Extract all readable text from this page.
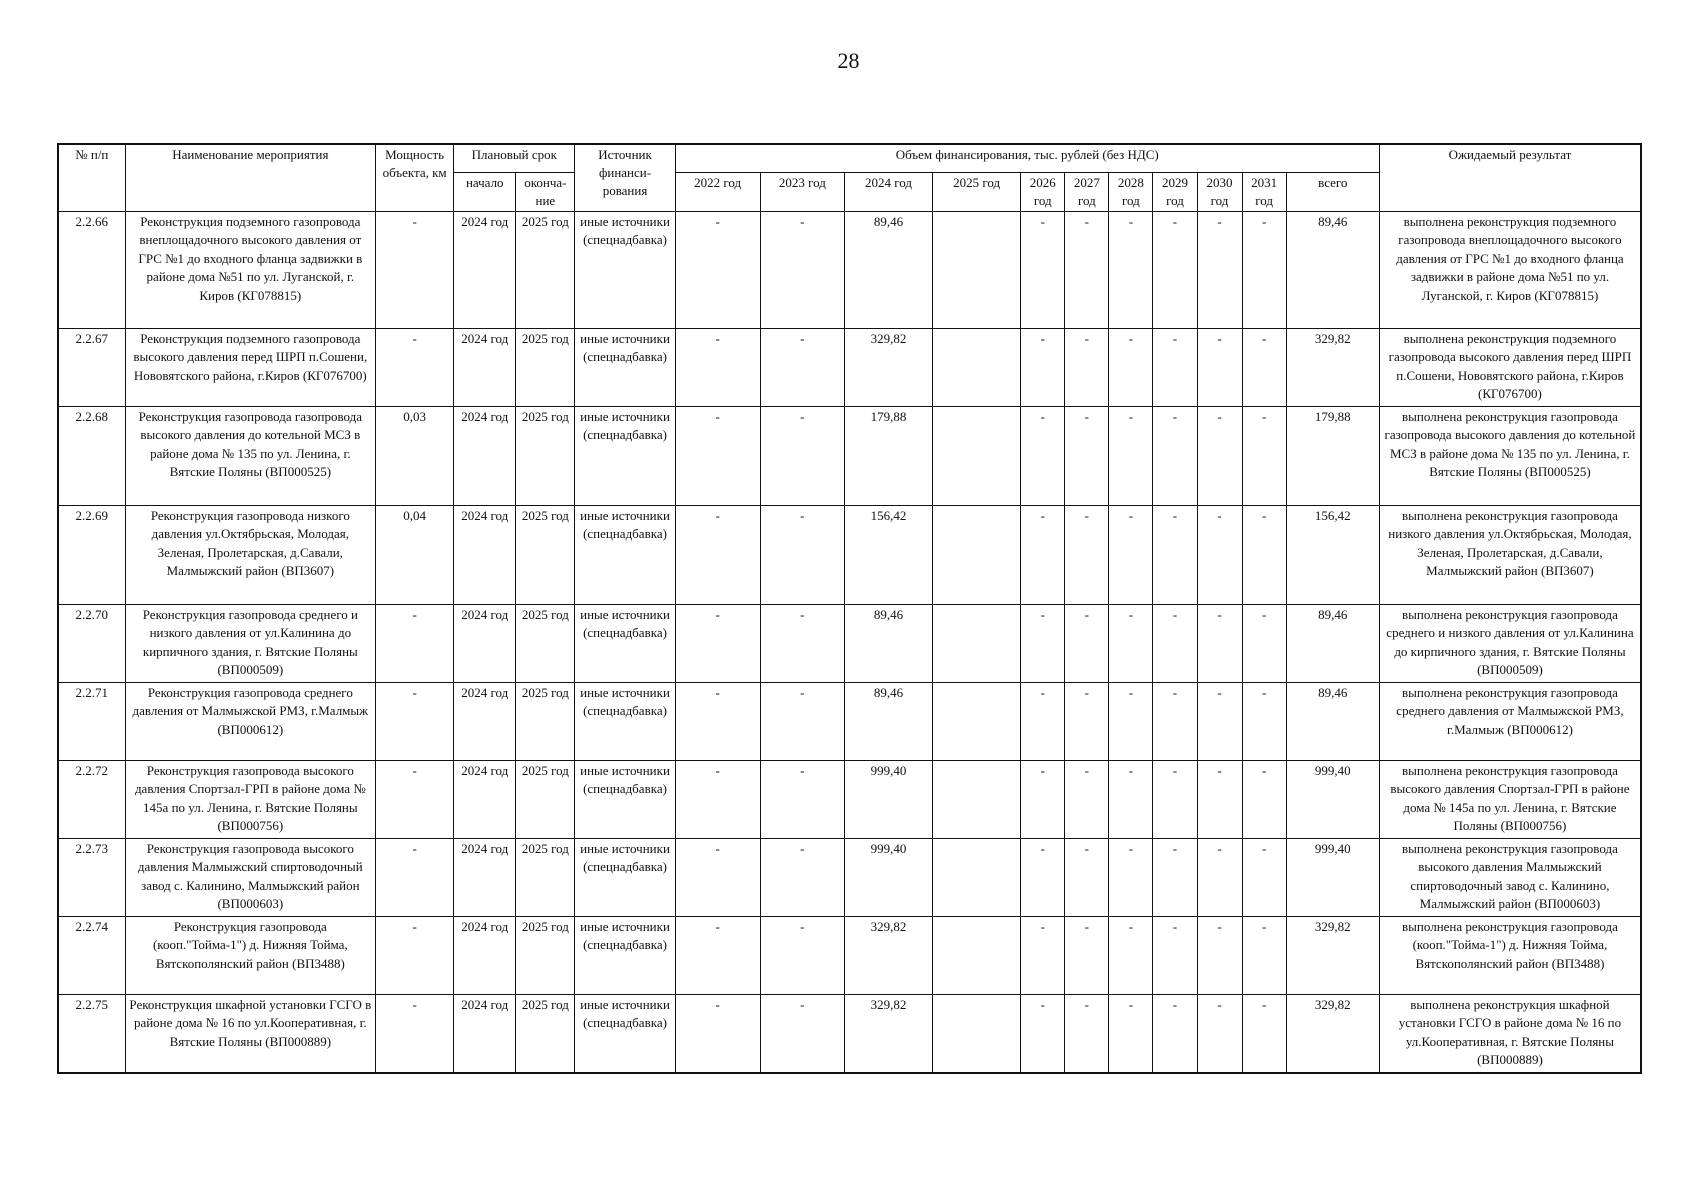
28
№ п/п	Наименование мероприятия	Мощность объекта, км	Плановый срок		Источник финанси-рования	Объем финансирования, тыс. рублей (без НДС)											Ожидаемый результат
			начало	оконча-ние		2022 год	2023 год	2024 год	2025 год	2026 год	2027 год	2028 год	2029 год	2030 год	2031 год	всего	
2.2.66	Реконструкция подземного газопровода внеплощадочного высокого давления от ГРС №1 до входного фланца задвижки в районе дома №51 по ул. Луганской, г. Киров (КГ078815)	-	2024 год	2025 год	иные источники (спецнадбавка)	-	-	89,46		-	-	-	-	-	-	89,46	выполнена реконструкция подземного газопровода внеплощадочного высокого давления от ГРС №1 до входного фланца задвижки в районе дома №51 по ул. Луганской, г. Киров (КГ078815)
2.2.67	Реконструкция подземного газопровода высокого давления перед ШРП п.Сошени, Нововятского района, г.Киров (КГ076700)	-	2024 год	2025 год	иные источники (спецнадбавка)	-	-	329,82		-	-	-	-	-	-	329,82	выполнена реконструкция подземного газопровода высокого давления перед ШРП п.Сошени, Нововятского района, г.Киров (КГ076700)
2.2.68	Реконструкция газопровода газопровода высокого давления до котельной МСЗ в районе дома № 135 по ул. Ленина, г. Вятские Поляны (ВП000525)	0,03	2024 год	2025 год	иные источники (спецнадбавка)	-	-	179,88		-	-	-	-	-	-	179,88	выполнена реконструкция газопровода газопровода высокого давления до котельной МСЗ в районе дома № 135 по ул. Ленина, г. Вятские Поляны (ВП000525)
2.2.69	Реконструкция газопровода низкого давления ул.Октябрьская, Молодая, Зеленая, Пролетарская, д.Савали, Малмыжский район (ВП3607)	0,04	2024 год	2025 год	иные источники (спецнадбавка)	-	-	156,42		-	-	-	-	-	-	156,42	выполнена реконструкция газопровода низкого давления ул.Октябрьская, Молодая, Зеленая, Пролетарская, д.Савали, Малмыжский район (ВП3607)
2.2.70	Реконструкция газопровода среднего и низкого давления от ул.Калинина до кирпичного здания, г. Вятские Поляны (ВП000509)	-	2024 год	2025 год	иные источники (спецнадбавка)	-	-	89,46		-	-	-	-	-	-	89,46	выполнена реконструкция газопровода среднего и низкого давления от ул.Калинина до кирпичного здания, г. Вятские Поляны (ВП000509)
2.2.71	Реконструкция газопровода среднего давления от Малмыжской РМЗ, г.Малмыж (ВП000612)	-	2024 год	2025 год	иные источники (спецнадбавка)	-	-	89,46		-	-	-	-	-	-	89,46	выполнена реконструкция газопровода среднего давления от Малмыжской РМЗ, г.Малмыж (ВП000612)
2.2.72	Реконструкция газопровода высокого давления Спортзал-ГРП в районе дома № 145а по ул. Ленина, г. Вятские Поляны (ВП000756)	-	2024 год	2025 год	иные источники (спецнадбавка)	-	-	999,40		-	-	-	-	-	-	999,40	выполнена реконструкция газопровода высокого давления Спортзал-ГРП в районе дома № 145а по ул. Ленина, г. Вятские Поляны (ВП000756)
2.2.73	Реконструкция газопровода высокого давления Малмыжский спиртоводочный завод с. Калинино, Малмыжский район (ВП000603)	-	2024 год	2025 год	иные источники (спецнадбавка)	-	-	999,40		-	-	-	-	-	-	999,40	выполнена реконструкция газопровода высокого давления Малмыжский спиртоводочный завод с. Калинино, Малмыжский район (ВП000603)
2.2.74	Реконструкция газопровода (кооп."Тойма-1") д. Нижняя Тойма, Вятскополянский район (ВП3488)	-	2024 год	2025 год	иные источники (спецнадбавка)	-	-	329,82		-	-	-	-	-	-	329,82	выполнена реконструкция газопровода (кооп."Тойма-1") д. Нижняя Тойма, Вятскополянский район (ВП3488)
2.2.75	Реконструкция шкафной установки ГСГО в районе дома № 16 по ул.Кооперативная, г. Вятские Поляны (ВП000889)	-	2024 год	2025 год	иные источники (спецнадбавка)	-	-	329,82		-	-	-	-	-	-	329,82	выполнена реконструкция шкафной установки ГСГО в районе дома № 16 по ул.Кооперативная, г. Вятские Поляны (ВП000889)
